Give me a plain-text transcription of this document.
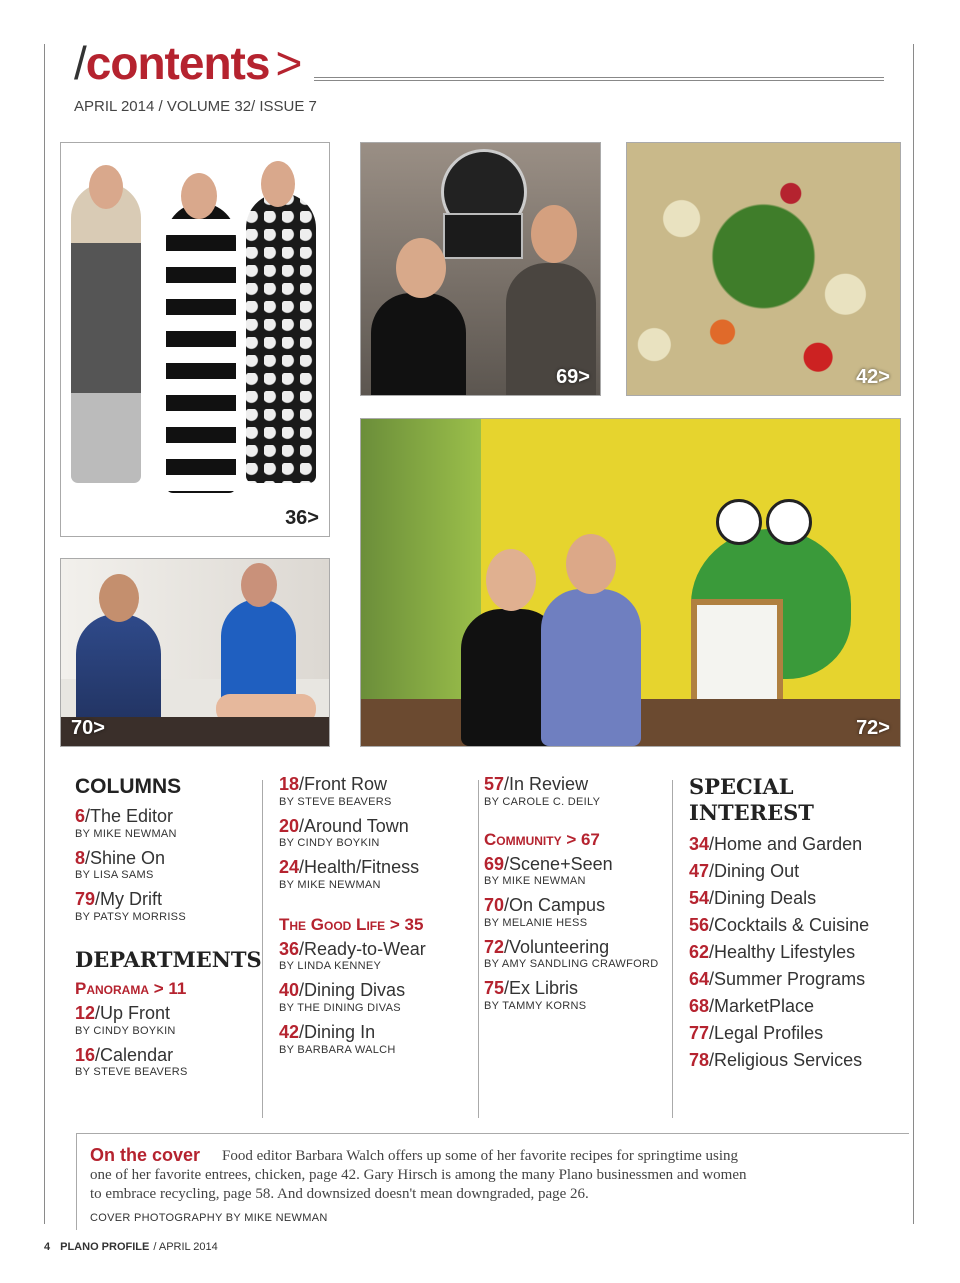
/contents >
APRIL 2014 / VOLUME 32/ ISSUE 7
36>
69>	42>
72>
70>
COLUMNS
6/The Editor
BY MIKE NEWMAN
8/Shine On
BY LISA SAMS
79/My Drift
BY PATSY MORRISS
DEPARTMENTS
Panorama > 11
12/Up Front
BY CINDY BOYKIN
16/Calendar
BY STEVE BEAVERS
18/Front Row
BY STEVE BEAVERS
20/Around Town
BY CINDY BOYKIN
24/Health/Fitness
BY MIKE NEWMAN
The Good Life > 35
36/Ready-to-Wear
BY LINDA KENNEY
40/Dining Divas
BY THE DINING DIVAS
42/Dining In
BY BARBARA WALCH
57/In Review
BY CAROLE C. DEILY
Community > 67
69/Scene+Seen
BY MIKE NEWMAN
70/On Campus
BY MELANIE HESS
72/Volunteering
BY AMY SANDLING CRAWFORD
75/Ex Libris
BY TAMMY KORNS
SPECIAL
INTEREST
34/Home and Garden
47/Dining Out
54/Dining Deals
56/Cocktails & Cuisine
62/Healthy Lifestyles
64/Summer Programs
68/MarketPlace
77/Legal Profiles
78/Religious Services
Food editor Barbara Walch offers up some of her favorite recipes for springtime using one of her favorite entrees, chicken, page 42. Gary Hirsch is among the many Plano businessmen and women to embrace recycling, page 58. And downsized doesn't mean downgraded, page 26.
On the cover
COVER PHOTOGRAPHY BY MIKE NEWMAN
4 PLANO PROFILE / APRIL 2014
